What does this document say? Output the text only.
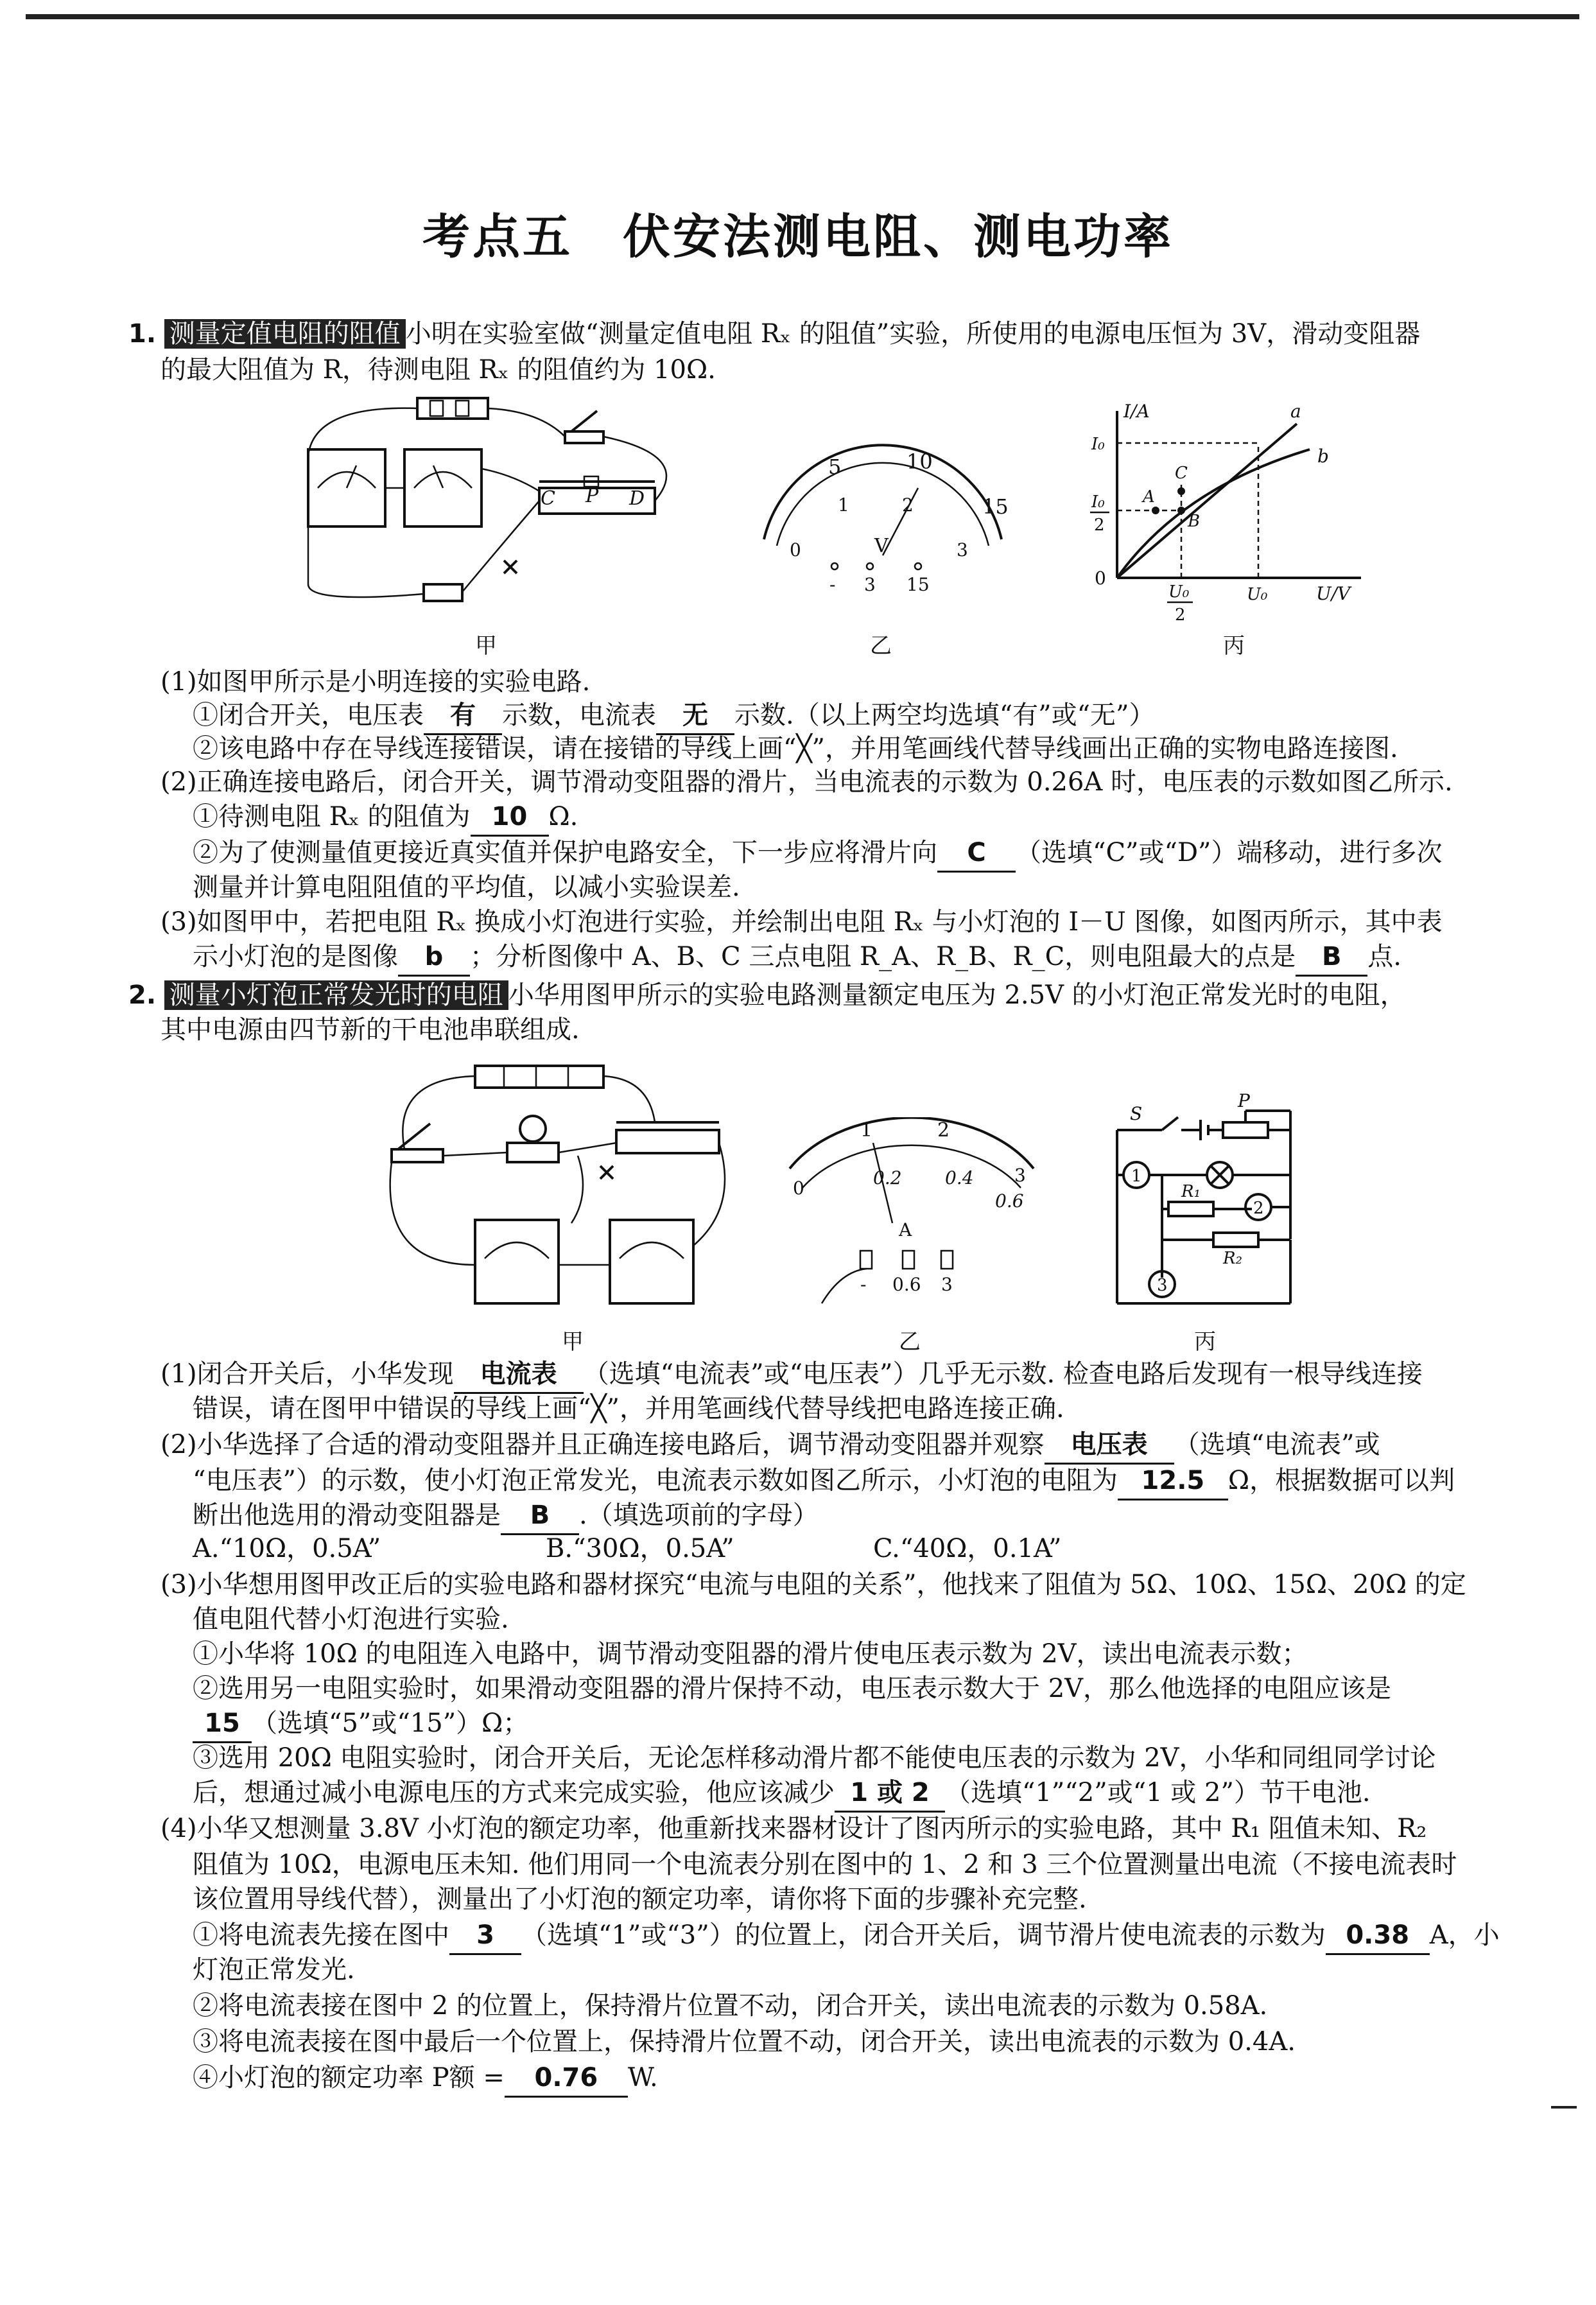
考点五　伏安法测电阻、测电功率
1. 测量定值电阻的阻值 小明在实验室做“测量定值电阻 Rₓ 的阻值”实验，所使用的电源电压恒为 3V，滑动变阻器
的最大阻值为 R，待测电阻 Rₓ 的阻值约为 10Ω.
C P D
甲
5	10
1	2	15
0	3
V
- 3 15
乙
I/A	a
I₀
b
C
A
I₀
2	B
0
U₀
2
U₀	U/V
丙
(1)如图甲所示是小明连接的实验电路.
①闭合开关，电压表 有 示数，电流表 无 示数.（以上两空均选填“有”或“无”）
②该电路中存在导线连接错误，请在接错的导线上画“╳”，并用笔画线代替导线画出正确的实物电路连接图.
(2)正确连接电路后，闭合开关，调节滑动变阻器的滑片，当电流表的示数为 0.26A 时，电压表的示数如图乙所示.
①待测电阻 Rₓ 的阻值为 10 Ω.
②为了使测量值更接近真实值并保护电路安全，下一步应将滑片向 C （选填“C”或“D”）端移动，进行多次
测量并计算电阻阻值的平均值，以减小实验误差.
(3)如图甲中，若把电阻 Rₓ 换成小灯泡进行实验，并绘制出电阻 Rₓ 与小灯泡的 I－U 图像，如图丙所示，其中表
示小灯泡的是图像 b ；分析图像中 A、B、C 三点电阻 R_A、R_B、R_C，则电阻最大的点是 B 点.
2. 测量小灯泡正常发光时的电阻 小华用图甲所示的实验电路测量额定电压为 2.5V 的小灯泡正常发光时的电阻，
其中电源由四节新的干电池串联组成.
甲
1	2
0	0.2 0.4 3
0.6
A
- 0.6 3
乙
S
P
1
R₁
2
R₂
3
丙
(1)闭合开关后，小华发现 电流表 （选填“电流表”或“电压表”）几乎无示数. 检查电路后发现有一根导线连接
错误，请在图甲中错误的导线上画“╳”，并用笔画线代替导线把电路连接正确.
(2)小华选择了合适的滑动变阻器并且正确连接电路后，调节滑动变阻器并观察 电压表 （选填“电流表”或
“电压表”）的示数，使小灯泡正常发光，电流表示数如图乙所示，小灯泡的电阻为 12.5 Ω，根据数据可以判
断出他选用的滑动变阻器是 B .（填选项前的字母）
A.“10Ω，0.5A”	B.“30Ω，0.5A”	C.“40Ω，0.1A”
(3)小华想用图甲改正后的实验电路和器材探究“电流与电阻的关系”，他找来了阻值为 5Ω、10Ω、15Ω、20Ω 的定
值电阻代替小灯泡进行实验.
①小华将 10Ω 的电阻连入电路中，调节滑动变阻器的滑片使电压表示数为 2V，读出电流表示数；
②选用另一电阻实验时，如果滑动变阻器的滑片保持不动，电压表示数大于 2V，那么他选择的电阻应该是
15 （选填“5”或“15”）Ω；
③选用 20Ω 电阻实验时，闭合开关后，无论怎样移动滑片都不能使电压表的示数为 2V，小华和同组同学讨论
后，想通过减小电源电压的方式来完成实验，他应该减少 1 或 2 （选填“1”“2”或“1 或 2”）节干电池.
(4)小华又想测量 3.8V 小灯泡的额定功率，他重新找来器材设计了图丙所示的实验电路，其中 R₁ 阻值未知、R₂
阻值为 10Ω，电源电压未知. 他们用同一个电流表分别在图中的 1、2 和 3 三个位置测量出电流（不接电流表时
该位置用导线代替），测量出了小灯泡的额定功率，请你将下面的步骤补充完整.
①将电流表先接在图中 3 （选填“1”或“3”）的位置上，闭合开关后，调节滑片使电流表的示数为 0.38 A，小
灯泡正常发光.
②将电流表接在图中 2 的位置上，保持滑片位置不动，闭合开关，读出电流表的示数为 0.58A.
③将电流表接在图中最后一个位置上，保持滑片位置不动，闭合开关，读出电流表的示数为 0.4A.
④小灯泡的额定功率 P额 = 0.76 W.
